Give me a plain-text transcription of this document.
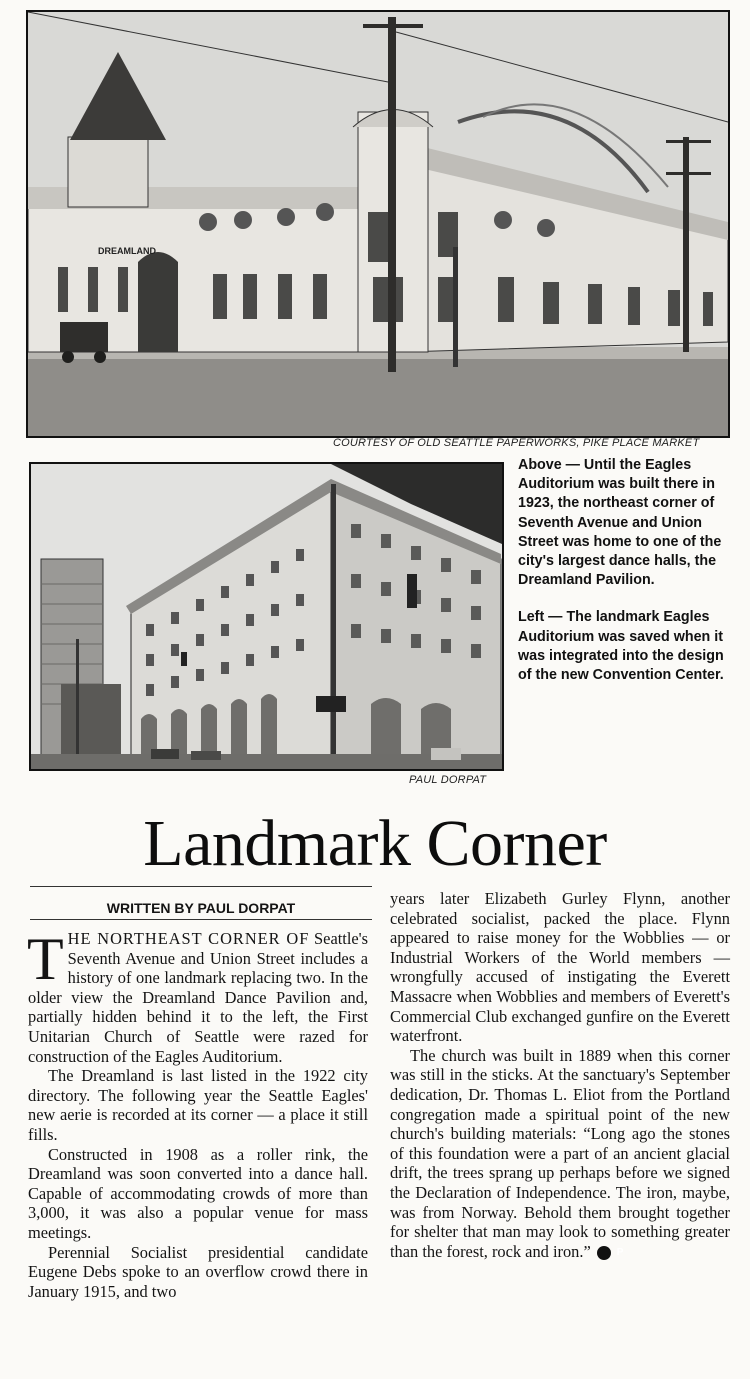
DREAMLAND
COURTESY OF OLD SEATTLE PAPERWORKS, PIKE PLACE MARKET
PAUL DORPAT

Above — Until the Eagles Auditorium was built there in 1923, the northeast corner of Seventh Avenue and Union Street was home to one of the city's largest dance halls, the Dreamland Pavilion.

Left — The landmark Eagles Auditorium was saved when it was integrated into the design of the new Convention Center.

Landmark Corner
WRITTEN BY PAUL DORPAT

THE NORTHEAST CORNER OF Seattle's Seventh Avenue and Union Street includes a history of one landmark replacing two. In the older view the Dreamland Dance Pavilion and, partially hidden behind it to the left, the First Unitarian Church of Seattle were razed for construction of the Eagles Auditorium.

The Dreamland is last listed in the 1922 city directory. The following year the Seattle Eagles' new aerie is recorded at its corner — a place it still fills.

Constructed in 1908 as a roller rink, the Dreamland was soon converted into a dance hall. Capable of accommodating crowds of more than 3,000, it was also a popular venue for mass meetings.

Perennial Socialist presidential candidate Eugene Debs spoke to an overflow crowd there in January 1915, and two

years later Elizabeth Gurley Flynn, another celebrated socialist, packed the place. Flynn appeared to raise money for the Wobblies — or Industrial Workers of the World members — wrongfully accused of instigating the Everett Massacre when Wobblies and members of Everett's Commercial Club exchanged gunfire on the Everett waterfront.

The church was built in 1889 when this corner was still in the sticks. At the sanctuary's September dedication, Dr. Thomas L. Eliot from the Portland congregation made a spiritual point of the new church's building materials: “Long ago the stones of this foundation were a part of an ancient glacial drift, the trees sprang up perhaps before we signed the Declaration of Independence. The iron, maybe, was from Norway. Behold them brought together for shelter that man may look to something greater than the forest, rock and iron.”	P
